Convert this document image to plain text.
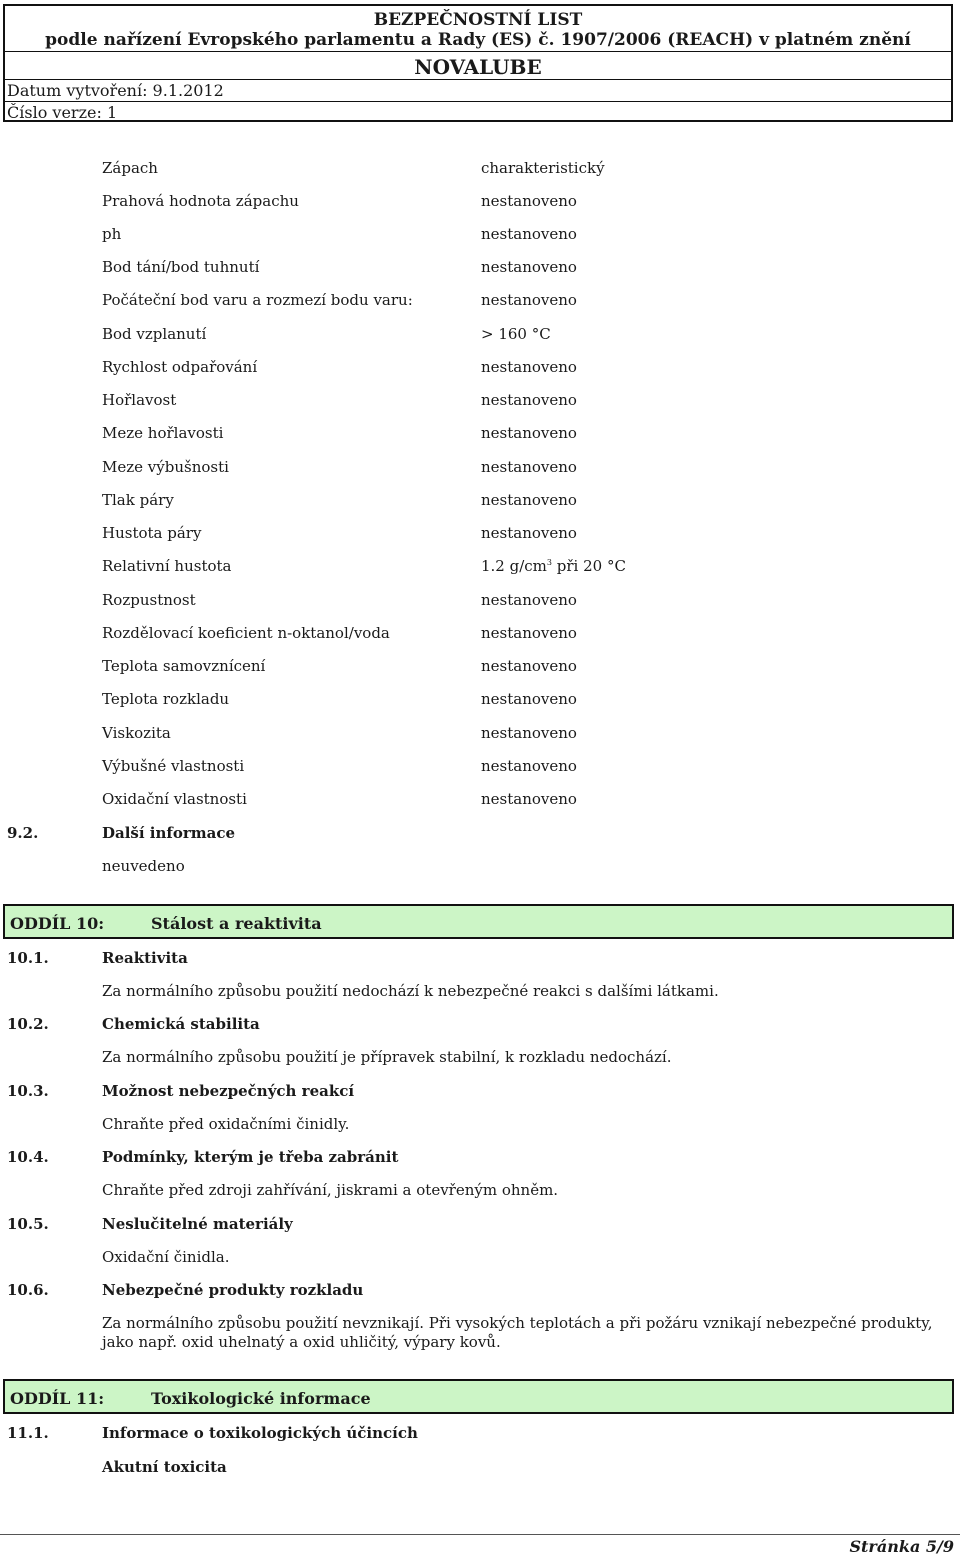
BEZPEČNOSTNÍ LIST
podle nařízení Evropského parlamentu a Rady (ES) č. 1907/2006 (REACH) v platném znění
NOVALUBE
Datum vytvoření: 9.1.2012
Číslo verze: 1
Zápach	charakteristický
Prahová hodnota zápachu	nestanoveno
ph	nestanoveno
Bod tání/bod tuhnutí	nestanoveno
Počáteční bod varu a rozmezí bodu varu:	nestanoveno
Bod vzplanutí	> 160 °C
Rychlost odpařování	nestanoveno
Hořlavost	nestanoveno
Meze hořlavosti	nestanoveno
Meze výbušnosti	nestanoveno
Tlak páry	nestanoveno
Hustota páry	nestanoveno
Relativní hustota	1.2 $g/cm^3$ při 20 °C
Rozpustnost	nestanoveno
Rozdělovací koeficient n-oktanol/voda	nestanoveno
Teplota samovznícení	nestanoveno
Teplota rozkladu	nestanoveno
Viskozita	nestanoveno
Výbušné vlastnosti	nestanoveno
Oxidační vlastnosti	nestanoveno
9.2.	Další informace
neuvedeno
ODDÍL 10:	Stálost a reaktivita
10.1.	Reaktivita
Za normálního způsobu použití nedochází k nebezpečné reakci s dalšími látkami.
10.2.	Chemická stabilita
Za normálního způsobu použití je přípravek stabilní, k rozkladu nedochází.
10.3.	Možnost nebezpečných reakcí
Chraňte před oxidačními činidly.
10.4.	Podmínky, kterým je třeba zabránit
Chraňte před zdroji zahřívání, jiskrami a otevřeným ohněm.
10.5.	Neslučitelné materiály
Oxidační činidla.
10.6.	Nebezpečné produkty rozkladu
Za normálního způsobu použití nevznikají. Při vysokých teplotách a při požáru vznikají nebezpečné produkty, jako např. oxid uhelnatý a oxid uhličitý, výpary kovů.
ODDÍL 11:	Toxikologické informace
11.1.	Informace o toxikologických účincích
Akutní toxicita
Stránka 5/9
